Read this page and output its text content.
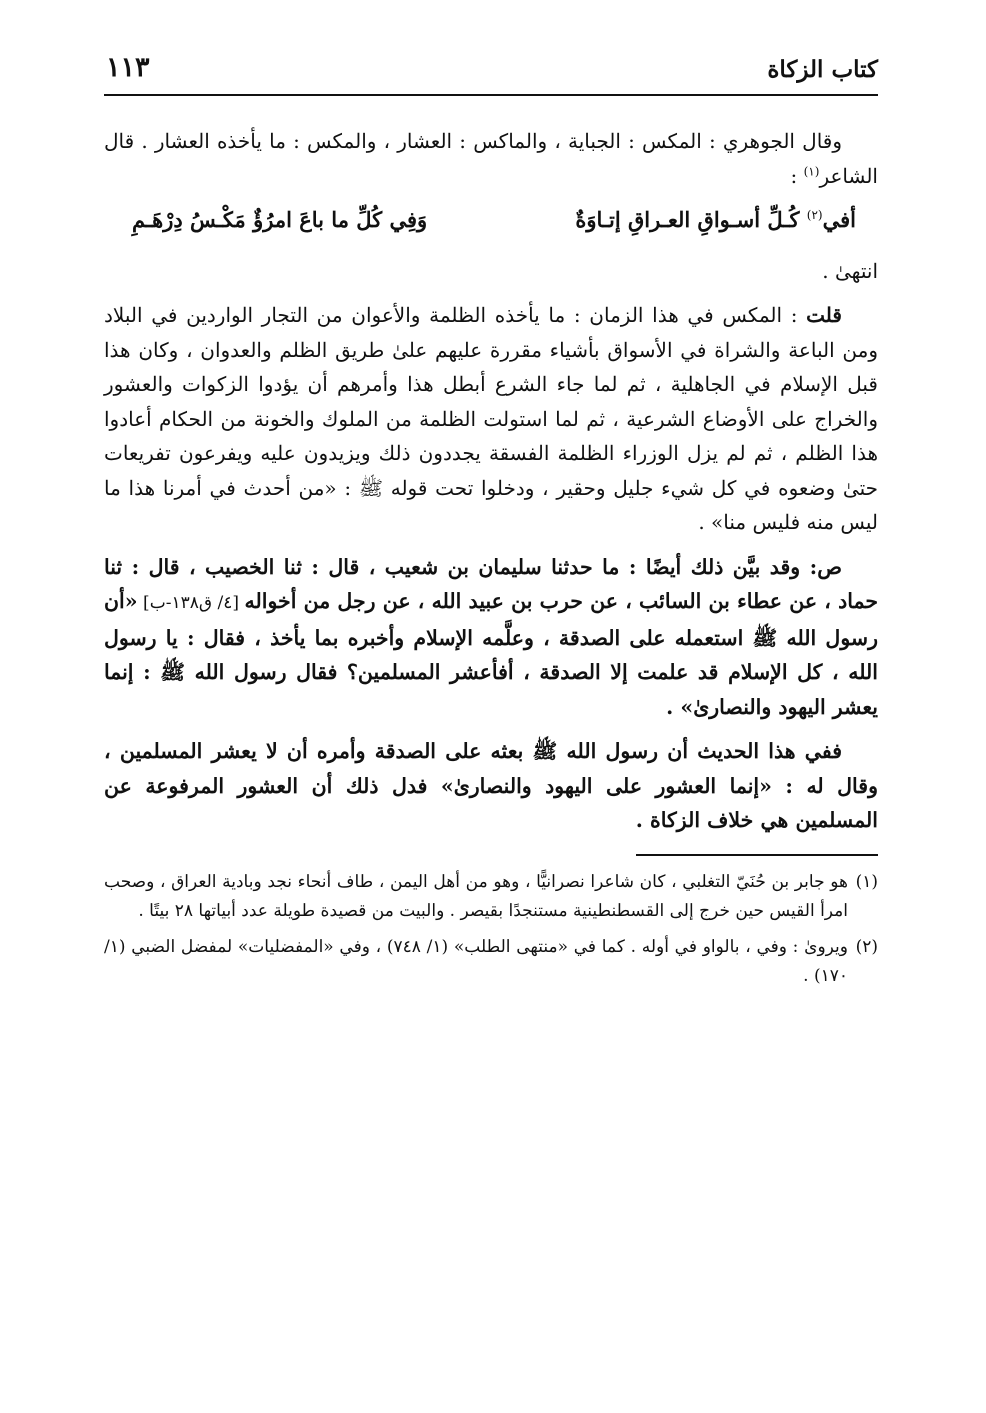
كتاب الزكاة
١١٣

وقال الجوهري : المكس : الجباية ، والماكس : العشار ، والمكس : ما يأخذه العشار . قال الشاعر$^{(١)}$ :

أفي$^{(٢)}$ كُـلِّ أسـواقِ العـراقِ إتـاوَةٌ
وَفِي كُلِّ ما باعَ امرُؤٌ مَكْـسُ دِرْهَـمِ

انتهىٰ .

قلت : المكس في هذا الزمان : ما يأخذه الظلمة والأعوان من التجار الواردين في البلاد ومن الباعة والشراة في الأسواق بأشياء مقررة عليهم علىٰ طريق الظلم والعدوان ، وكان هذا قبل الإسلام في الجاهلية ، ثم لما جاء الشرع أبطل هذا وأمرهم أن يؤدوا الزكوات والعشور والخراج على الأوضاع الشرعية ، ثم لما استولت الظلمة من الملوك والخونة من الحكام أعادوا هذا الظلم ، ثم لم يزل الوزراء الظلمة الفسقة يجددون ذلك ويزيدون عليه ويفرعون تفريعات حتىٰ وضعوه في كل شيء جليل وحقير ، ودخلوا تحت قوله ﷺ : «من أحدث في أمرنا هذا ما ليس منه فليس منا» .

ص: وقد بيَّن ذلك أيضًا : ما حدثنا سليمان بن شعيب ، قال : ثنا الخصيب ، قال : ثنا حماد ، عن عطاء بن السائب ، عن حرب بن عبيد الله ، عن رجل من أخواله [٤/ ق١٣٨-ب] «أن رسول الله ﷺ استعمله على الصدقة ، وعلَّمه الإسلام وأخبره بما يأخذ ، فقال : يا رسول الله ، كل الإسلام قد علمت إلا الصدقة ، أفأعشر المسلمين؟ فقال رسول الله ﷺ : إنما يعشر اليهود والنصارىٰ» .

ففي هذا الحديث أن رسول الله ﷺ بعثه على الصدقة وأمره أن لا يعشر المسلمين ، وقال له : «إنما العشور على اليهود والنصارىٰ» فدل ذلك أن العشور المرفوعة عن المسلمين هي خلاف الزكاة .

(١)
هو جابر بن حُنَيّ التغلبي ، كان شاعرا نصرانيًّا ، وهو من أهل اليمن ، طاف أنحاء نجد وبادية العراق ، وصحب امرأ القيس حين خرج إلى القسطنطينية مستنجدًا بقيصر . والبيت من قصيدة طويلة عدد أبياتها ٢٨ بيتًا .
(٢)
ويروىٰ : وفي ، بالواو في أوله . كما في «منتهى الطلب» (١/ ٧٤٨) ، وفي «المفضليات» لمفضل الضبي (١/ ١٧٠) .
